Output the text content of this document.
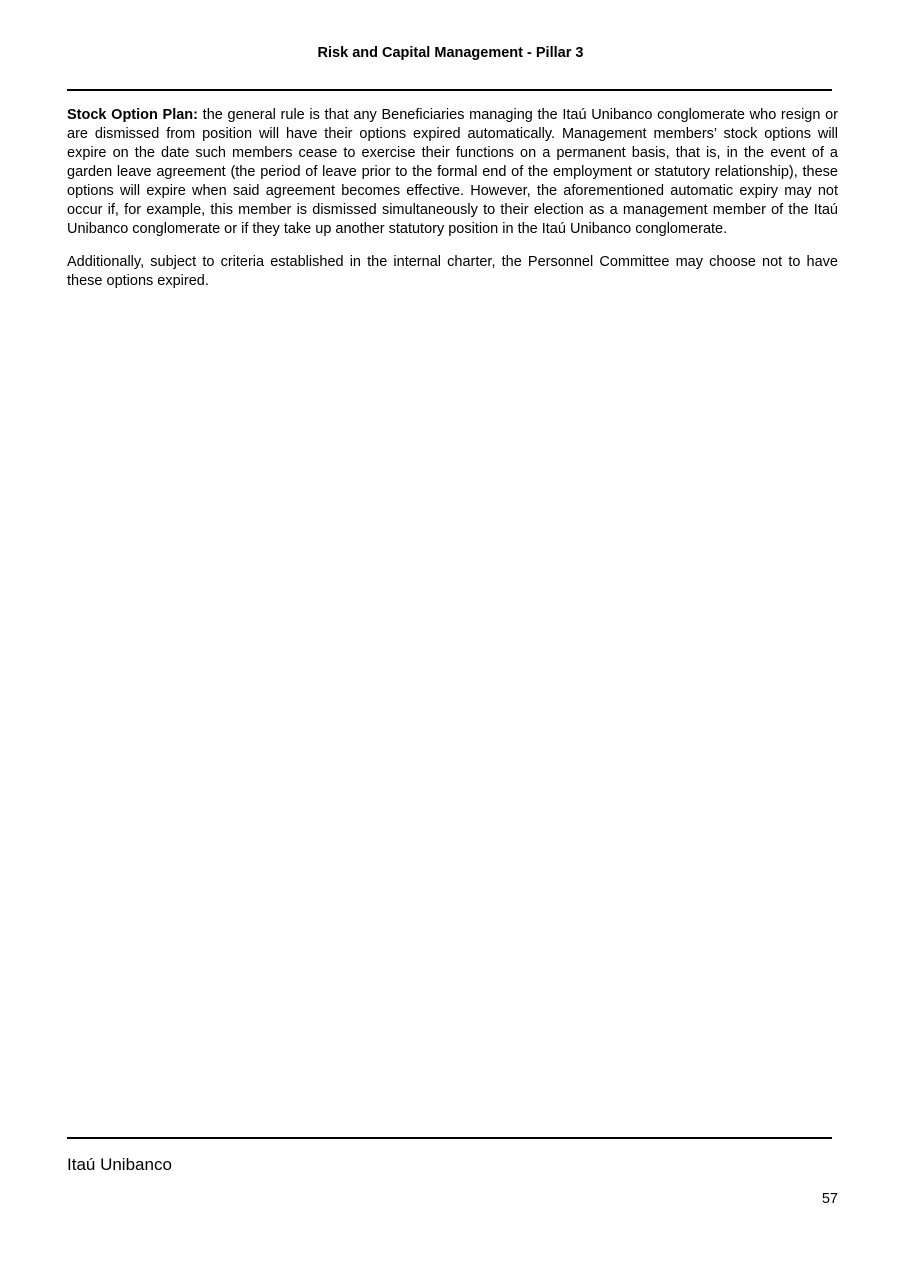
Risk and Capital Management - Pillar 3

Stock Option Plan: the general rule is that any Beneficiaries managing the Itaú Unibanco conglomerate who resign or are dismissed from position will have their options expired automatically. Management members’ stock options will expire on the date such members cease to exercise their functions on a permanent basis, that is, in the event of a garden leave agreement (the period of leave prior to the formal end of the employment or statutory relationship), these options will expire when said agreement becomes effective. However, the aforementioned automatic expiry may not occur if, for example, this member is dismissed simultaneously to their election as a management member of the Itaú Unibanco conglomerate or if they take up another statutory position in the Itaú Unibanco conglomerate.

Additionally, subject to criteria established in the internal charter, the Personnel Committee may choose not to have these options expired.

Itaú Unibanco
57
